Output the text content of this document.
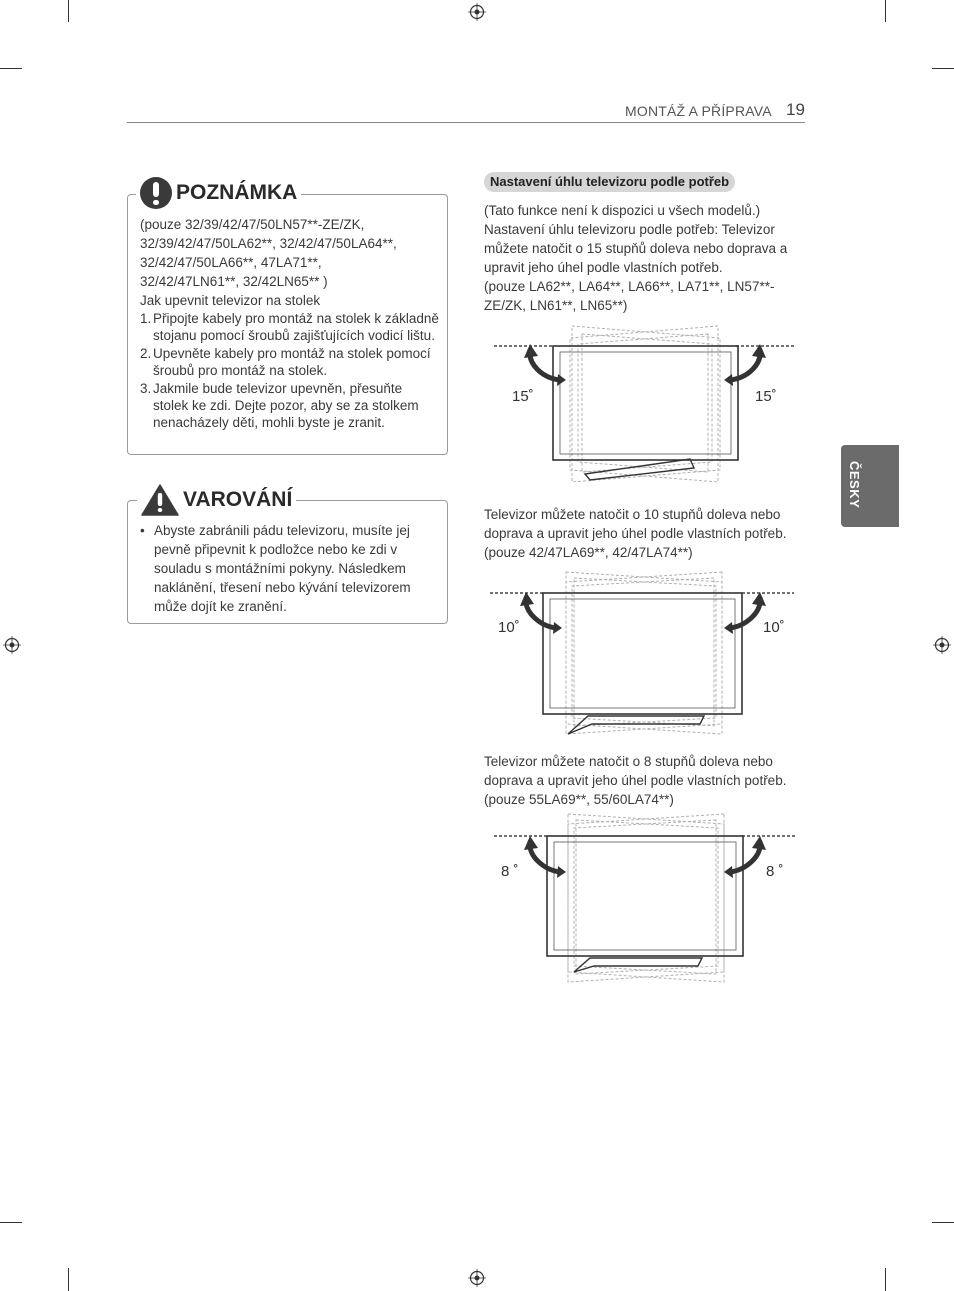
MONTÁŽ A PŘÍPRAVA 19
ČESKY
POZNÁMKA
(pouze 32/39/42/47/50LN57**-ZE/ZK,
32/39/42/47/50LA62**, 32/42/47/50LA64**,
32/42/47/50LA66**, 47LA71**,
32/42/47LN61**, 32/42LN65** )
Jak upevnit televizor na stolek
1. Připojte kabely pro montáž na stolek k základně stojanu pomocí šroubů zajišťujících vodicí lištu.
2. Upevněte kabely pro montáž na stolek pomocí šroubů pro montáž na stolek.
3. Jakmile bude televizor upevněn, přesuňte stolek ke zdi. Dejte pozor, aby se za stolkem nenacházely děti, mohli byste je zranit.
VAROVÁNÍ
• Abyste zabránili pádu televizoru, musíte jej pevně připevnit k podložce nebo ke zdi v souladu s montážními pokyny. Následkem naklánění, třesení nebo kývání televizorem může dojít ke zranění.
Nastavení úhlu televizoru podle potřeb

(Tato funkce není k dispozici u všech modelů.)

Nastavení úhlu televizoru podle potřeb: Televizor můžete natočit o 15 stupňů doleva nebo doprava a upravit jeho úhel podle vlastních potřeb.

(pouze LA62**, LA64**, LA66**, LA71**, LN57**-ZE/ZK, LN61**, LN65**)

15˚	15˚

Televizor můžete natočit o 10 stupňů doleva nebo doprava a upravit jeho úhel podle vlastních potřeb.

(pouze 42/47LA69**, 42/47LA74**)

10˚	10˚

Televizor můžete natočit o 8 stupňů doleva nebo doprava a upravit jeho úhel podle vlastních potřeb.

(pouze 55LA69**, 55/60LA74**)

8 ˚	8 ˚
